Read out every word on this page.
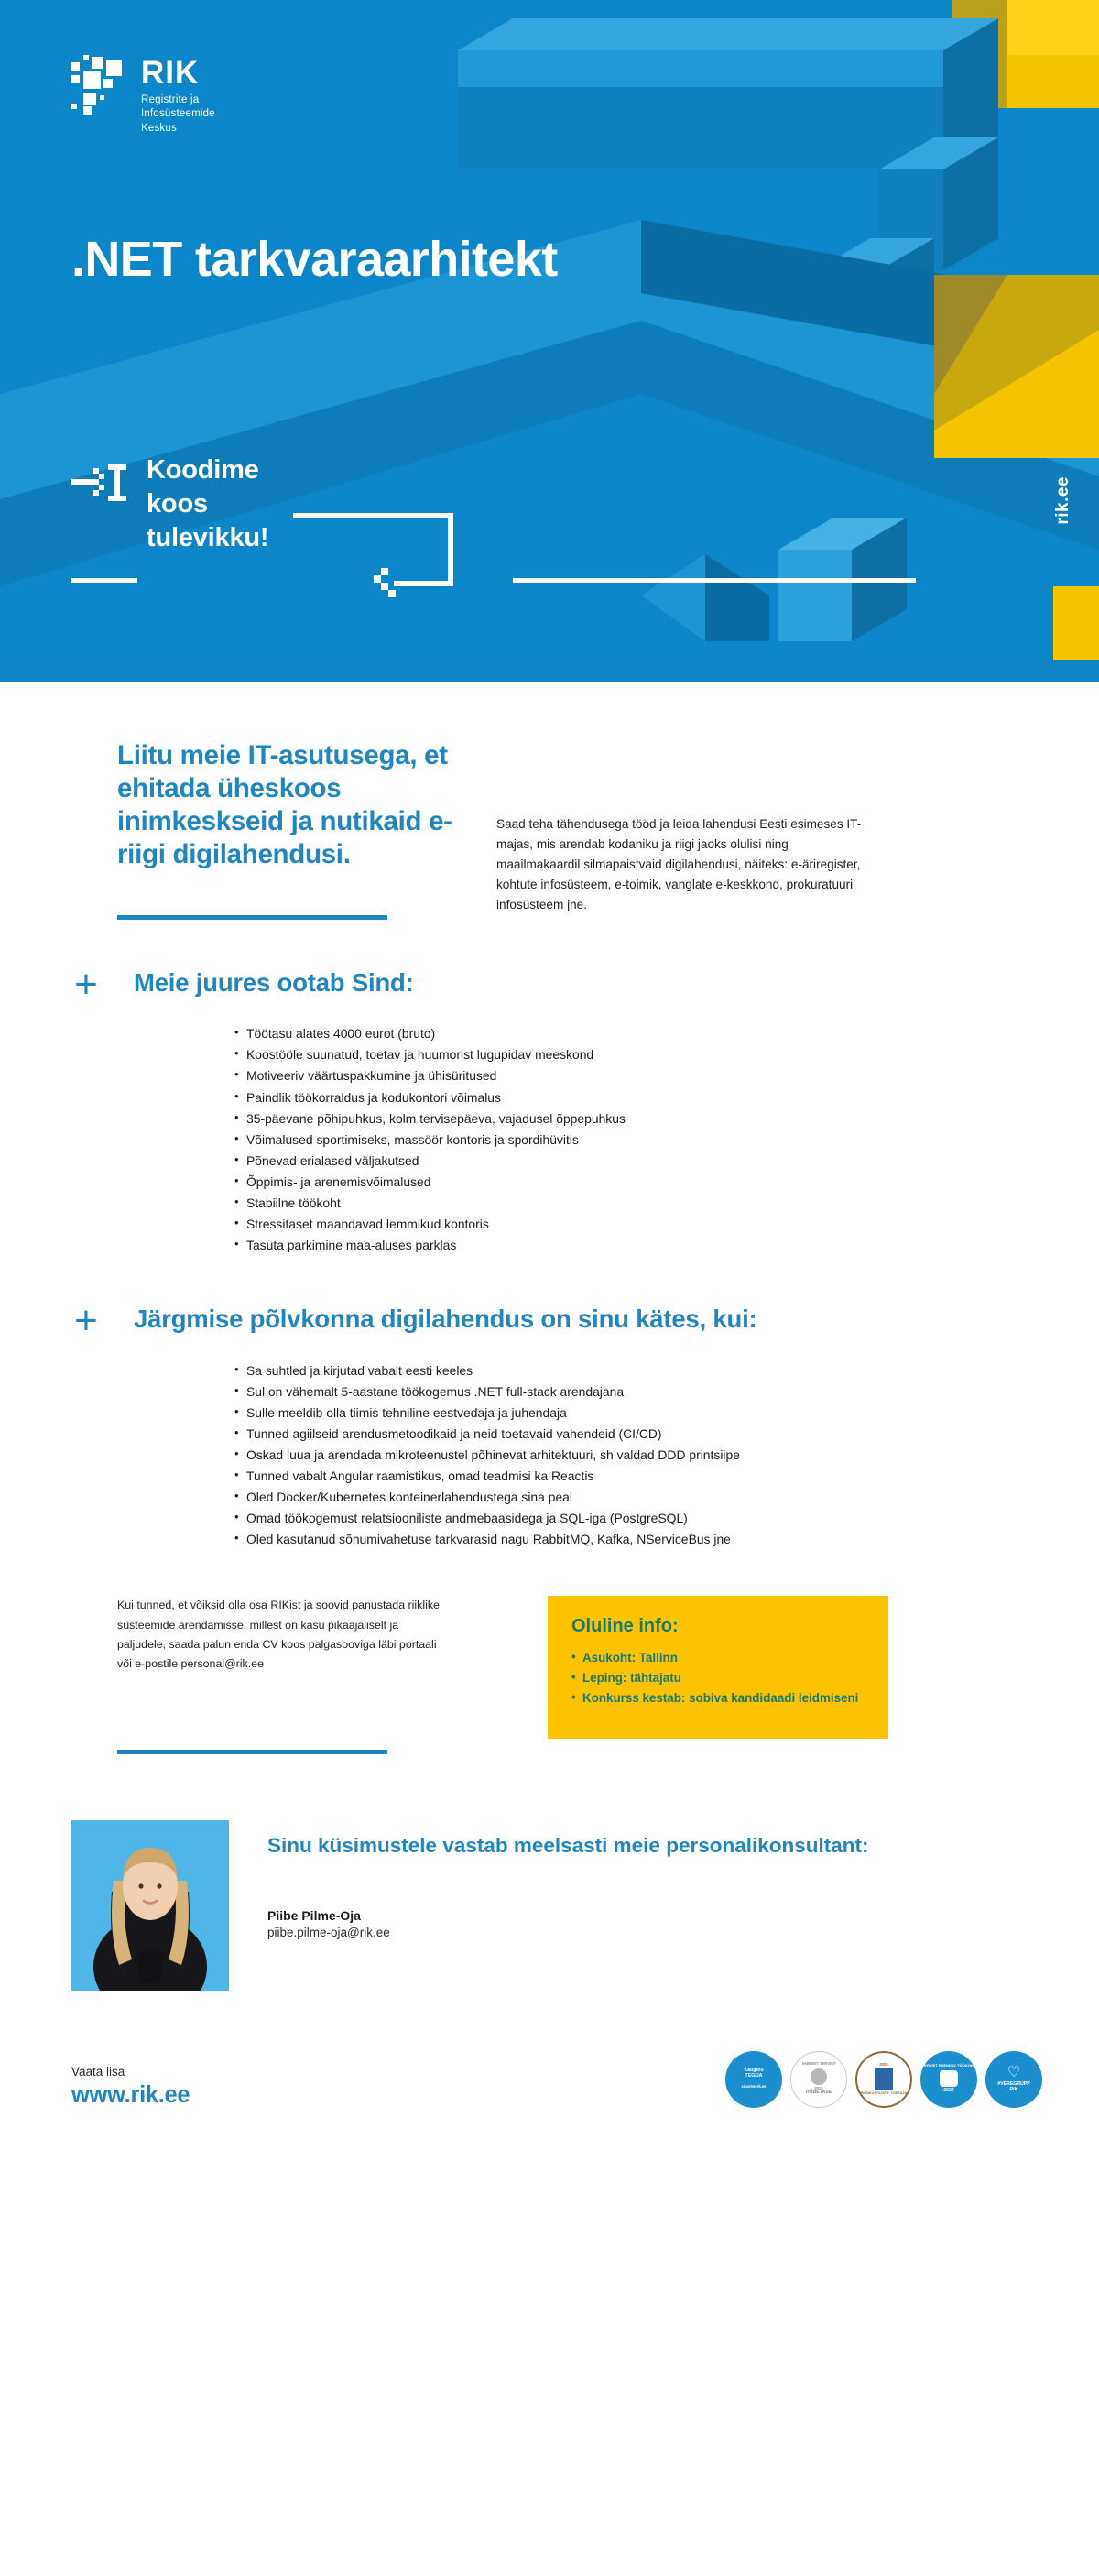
RIK
Registrite ja
Infosüsteemide
Keskus
.NET tarkvaraarhitekt
Koodime
koos
tulevikku!
rik.ee
Liitu meie IT-asutusega, et ehitada üheskoos inimkeskseid ja nutikaid e-riigi digilahendusi.
Saad teha tähendusega tööd ja leida lahendusi Eesti esimeses IT-majas, mis arendab kodaniku ja riigi jaoks olulisi ning maailmakaardil silmapaistvaid digilahendusi, näiteks: e-äriregister, kohtute infosüsteem, e-toimik, vanglate e-keskkond, prokuratuuri infosüsteem jne.
+ Meie juures ootab Sind:
• Töötasu alates 4000 eurot (bruto)
• Koostööle suunatud, toetav ja huumorist lugupidav meeskond
• Motiveeriv väärtuspakkumine ja ühisüritused
• Paindlik töökorraldus ja kodukontori võimalus
• 35-päevane põhipuhkus, kolm tervisepäeva, vajadusel õppepuhkus
• Võimalused sportimiseks, massöör kontoris ja spordihüvitis
• Põnevad erialased väljakutsed
• Õppimis- ja arenemisvõimalused
• Stabiilne töökoht
• Stressitaset maandavad lemmikud kontoris
• Tasuta parkimine maa-aluses parklas
+ Järgmise põlvkonna digilahendus on sinu kätes, kui:
• Sa suhtled ja kirjutad vabalt eesti keeles
• Sul on vähemalt 5-aastane töökogemus .NET full-stack arendajana
• Sulle meeldib olla tiimis tehniline eestvedaja ja juhendaja
• Tunned agiilseid arendusmetoodikaid ja neid toetavaid vahendeid (CI/CD)
• Oskad luua ja arendada mikroteenustel põhinevat arhitektuuri, sh valdad DDD printsiipe
• Tunned vabalt Angular raamistikus, omad teadmisi ka Reactis
• Oled Docker/Kubernetes konteinerlahendustega sina peal
• Omad töökogemust relatsiooniliste andmebaasidega ja SQL-iga (PostgreSQL)
• Oled kasutanud sõnumivahetuse tarkvarasid nagu RabbitMQ, Kafka, NServiceBus jne
Kui tunned, et võiksid olla osa RIKist ja soovid panustada riiklike süsteemide arendamisse, millest on kasu pikaajaliselt ja paljudele, saada palun enda CV koos palgasooviga läbi portaali või e-postile personal@rik.ee
Oluline info:
• Asukoht: Tallinn
• Leping: tähtajatu
• Konkurss kestab: sobiva kandidaadi leidmiseni
Sinu küsimustele vastab meelsasti meie personalikonsultant:
Piibe Pilme-Oja
piibe.pilme-oja@rik.ee
Vaata lisa
www.rik.ee
Kaugtöö
TEGIJA
smartwork.ee
VAIMSET TERVIST
2023
HÕBETASE
2025
RIIGIKAITSJATE TOETAJA
TERVIST EDENDAV TÖÖKOHT
2025
♡
#VEREGRUPP
RIK
